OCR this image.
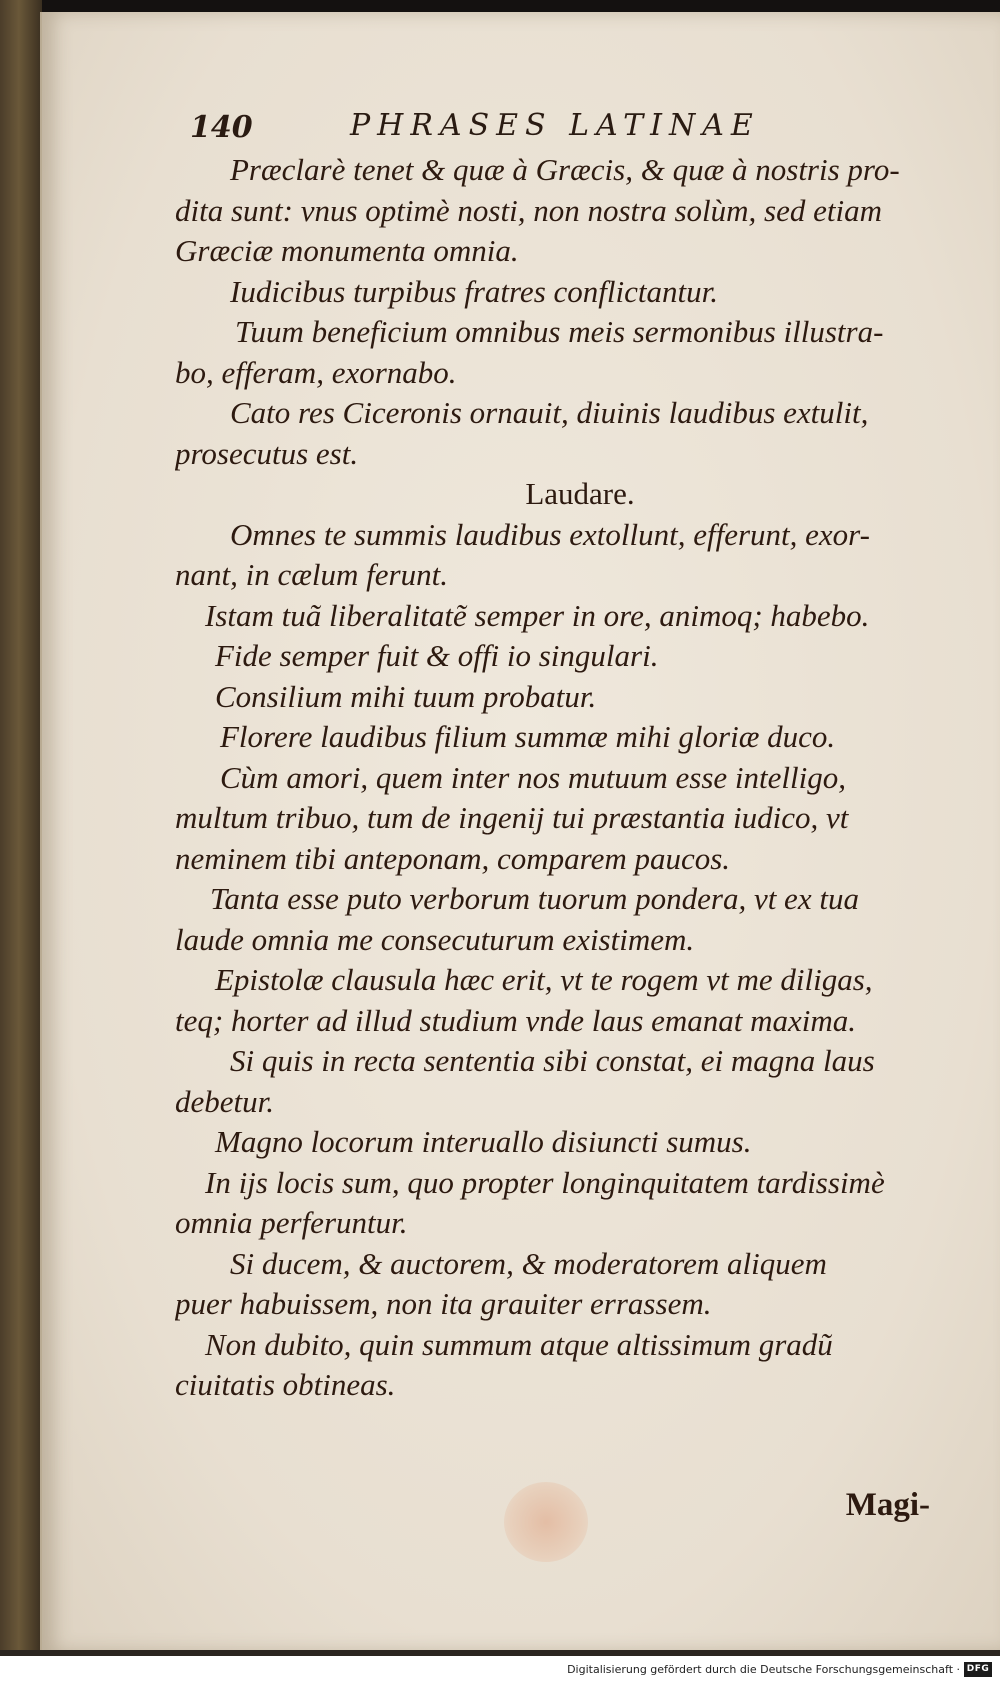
140	PHRASES LATINAE
Præclarè tenet & quæ à Græcis, & quæ à nostris pro-
dita sunt: vnus optimè nosti, non nostra solùm, sed etiam
Græciæ monumenta omnia.
Iudicibus turpibus fratres conflictantur.
Tuum beneficium omnibus meis sermonibus illustra-
bo, efferam, exornabo.
Cato res Ciceronis ornauit, diuinis laudibus extulit,
prosecutus est.
Laudare.
Omnes te summis laudibus extollunt, efferunt, exor-
nant, in cælum ferunt.
Istam tuã liberalitatẽ semper in ore, animoq; habebo.
Fide semper fuit & offi io singulari.
Consilium mihi tuum probatur.
Florere laudibus filium summæ mihi gloriæ duco.
Cùm amori, quem inter nos mutuum esse intelligo,
multum tribuo, tum de ingenij tui præstantia iudico, vt
neminem tibi anteponam, comparem paucos.
Tanta esse puto verborum tuorum pondera, vt ex tua
laude omnia me consecuturum existimem.
Epistolæ clausula hæc erit, vt te rogem vt me diligas,
teq; horter ad illud studium vnde laus emanat maxima.
Si quis in recta sententia sibi constat, ei magna laus
debetur.
Magno locorum interuallo disiuncti sumus.
In ijs locis sum, quo propter longinquitatem tardissimè
omnia perferuntur.
Si ducem, & auctorem, & moderatorem aliquem
puer habuissem, non ita grauiter errassem.
Non dubito, quin summum atque altissimum gradũ
ciuitatis obtineas.
Magi-
Digitalisierung gefördert durch die Deutsche Forschungsgemeinschaft · DFG
